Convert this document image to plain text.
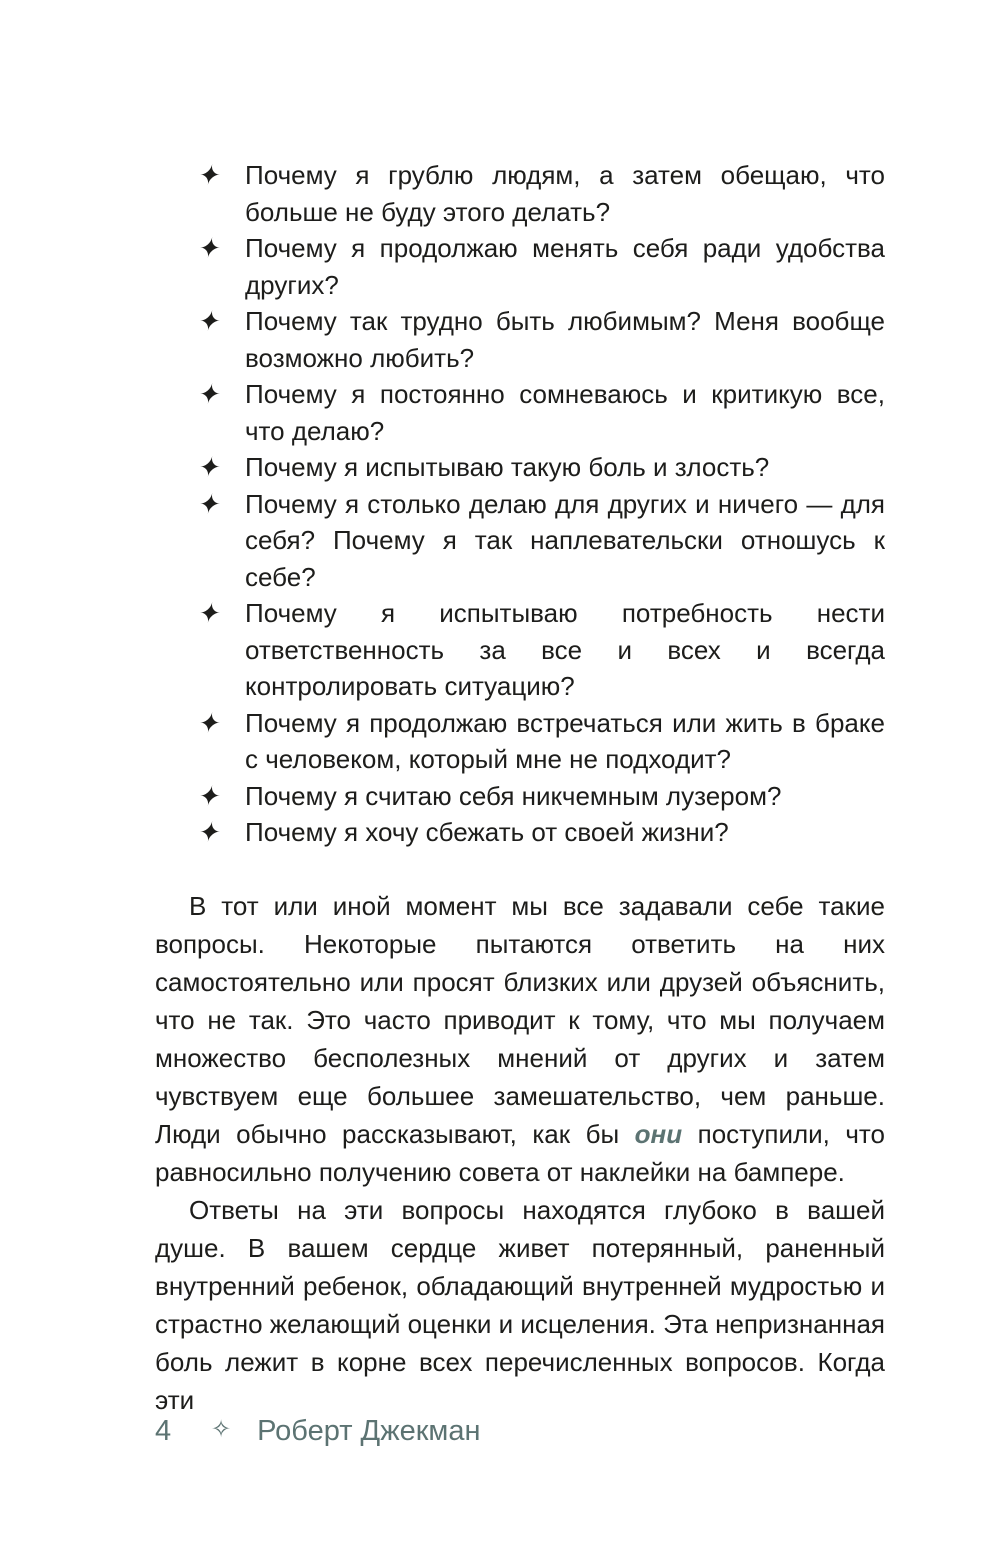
✦ Почему я грублю людям, а затем обещаю, что больше не буду этого делать?
✦ Почему я продолжаю менять себя ради удобства других?
✦ Почему так трудно быть любимым? Меня вообще возможно любить?
✦ Почему я постоянно сомневаюсь и критикую все, что делаю?
✦ Почему я испытываю такую боль и злость?
✦ Почему я столько делаю для других и ничего — для себя? Почему я так наплевательски отношусь к себе?
✦ Почему я испытываю потребность нести ответственность за все и всех и всегда контролировать ситуацию?
✦ Почему я продолжаю встречаться или жить в браке с человеком, который мне не подходит?
✦ Почему я считаю себя никчемным лузером?
✦ Почему я хочу сбежать от своей жизни?

В тот или иной момент мы все задавали себе такие вопросы. Некоторые пытаются ответить на них самостоятельно или просят близких или друзей объяснить, что не так. Это часто приводит к тому, что мы получаем множество бесполезных мнений от других и затем чувствуем еще большее замешательство, чем раньше. Люди обычно рассказывают, как бы они поступили, что равносильно получению совета от наклейки на бампере.

Ответы на эти вопросы находятся глубоко в вашей душе. В вашем сердце живет потерянный, раненный внутренний ребенок, обладающий внутренней мудростью и страстно желающий оценки и исцеления. Эта непризнанная боль лежит в корне всех перечисленных вопросов. Когда эти

4	✧ Роберт Джекман
